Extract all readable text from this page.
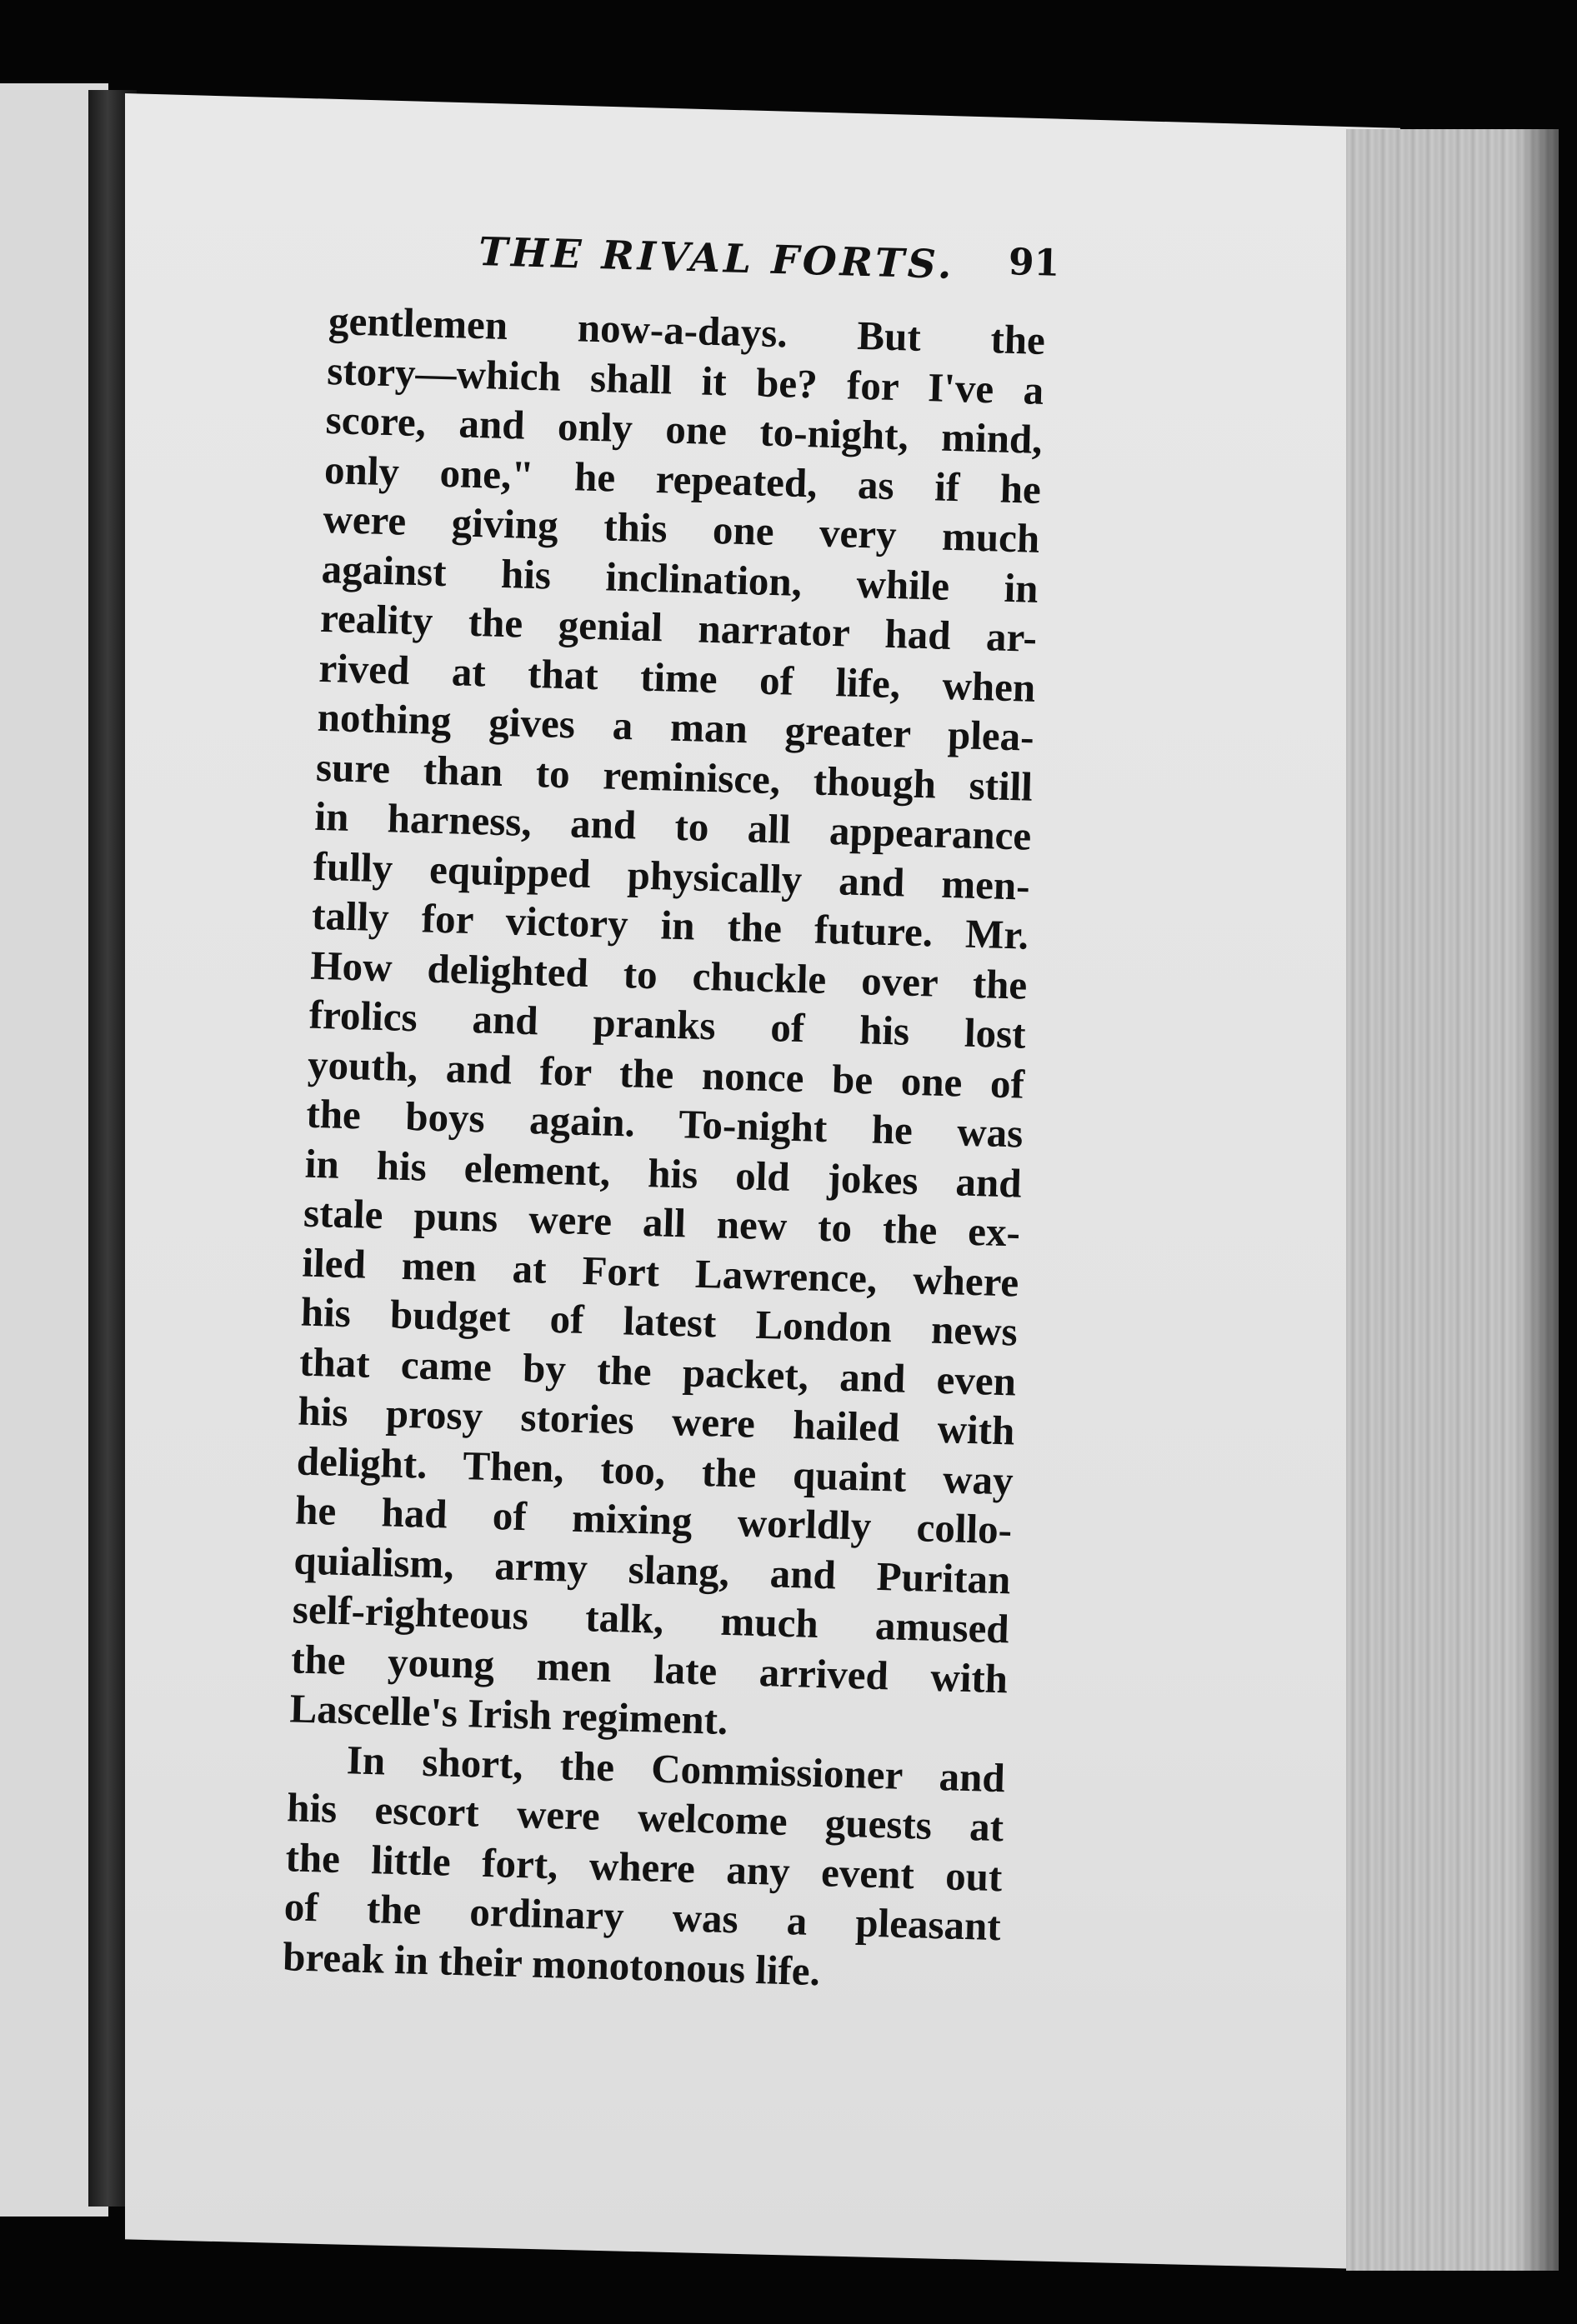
THE RIVAL FORTS. 91
gentlemen now-a-days. But the
story—which shall it be? for I've a
score, and only one to-night, mind,
only one," he repeated, as if he
were giving this one very much
against his inclination, while in
reality the genial narrator had ar-
rived at that time of life, when
nothing gives a man greater plea-
sure than to reminisce, though still
in harness, and to all appearance
fully equipped physically and men-
tally for victory in the future. Mr.
How delighted to chuckle over the
frolics and pranks of his lost
youth, and for the nonce be one of
the boys again. To-night he was
in his element, his old jokes and
stale puns were all new to the ex-
iled men at Fort Lawrence, where
his budget of latest London news
that came by the packet, and even
his prosy stories were hailed with
delight. Then, too, the quaint way
he had of mixing worldly collo-
quialism, army slang, and Puritan
self-righteous talk, much amused
the young men late arrived with
Lascelle's Irish regiment.
In short, the Commissioner and
his escort were welcome guests at
the little fort, where any event out
of the ordinary was a pleasant
break in their monotonous life.
